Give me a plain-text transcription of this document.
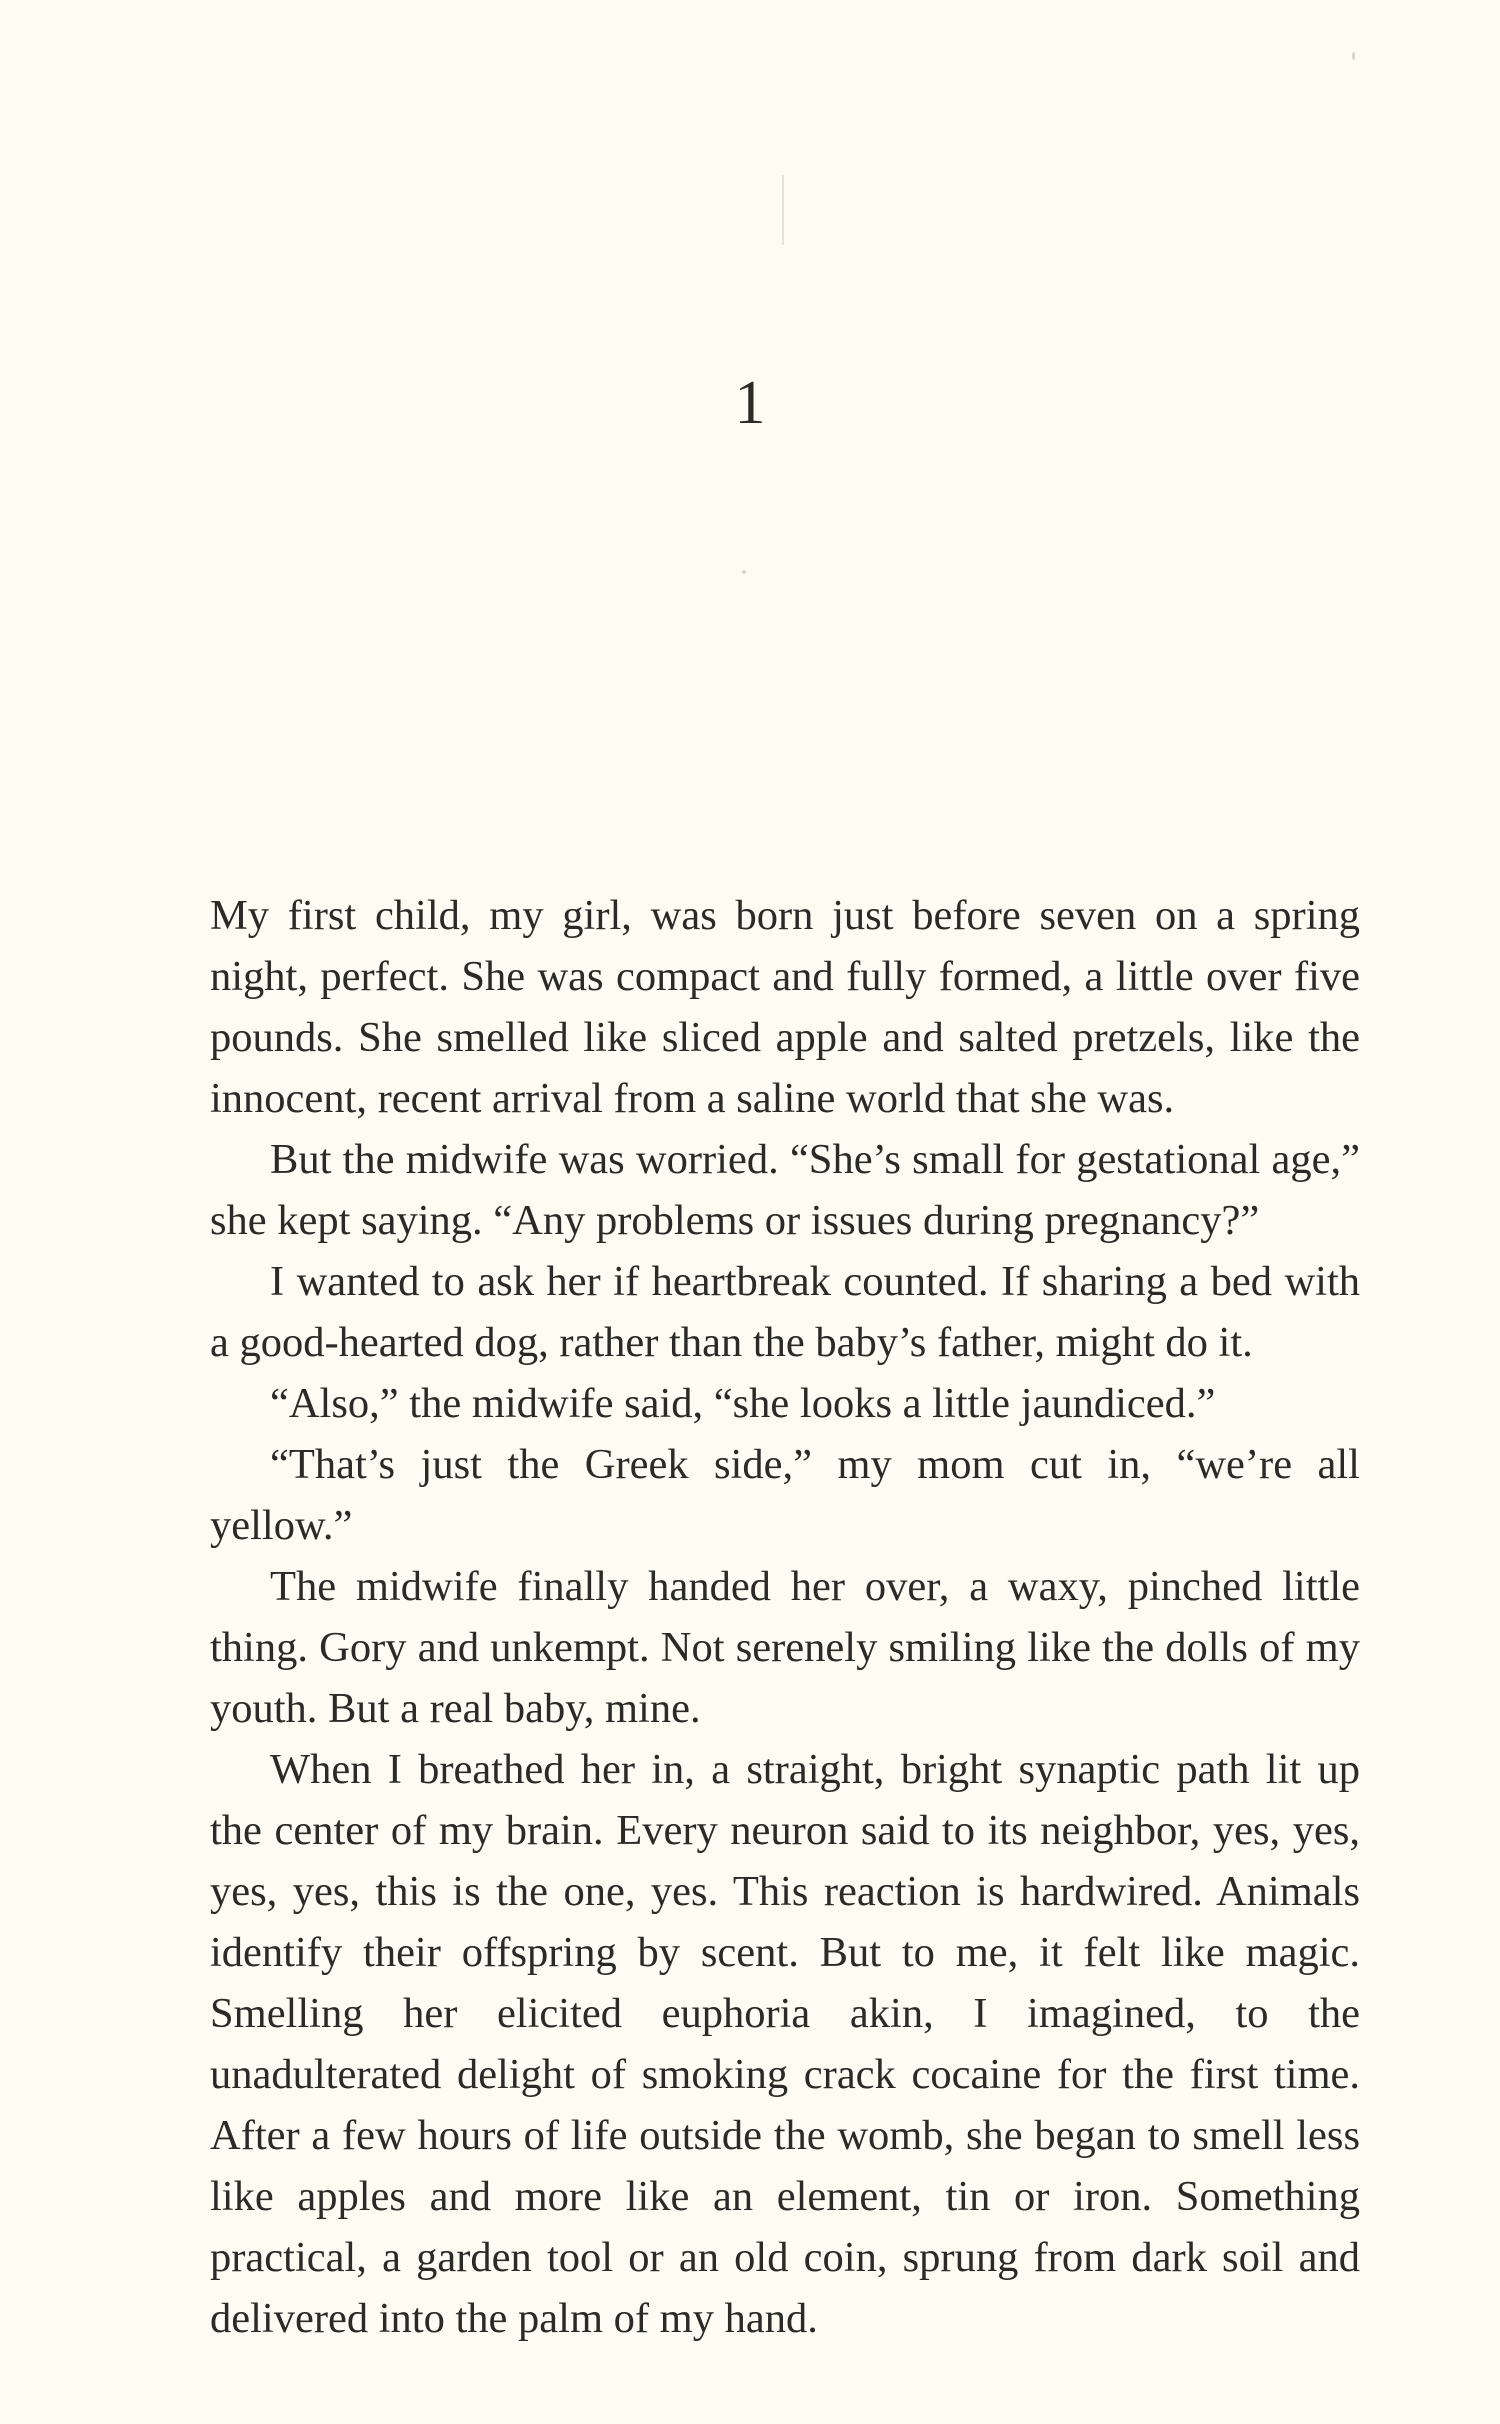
1

My first child, my girl, was born just before seven on a spring night, perfect. She was compact and fully formed, a little over five pounds. She smelled like sliced apple and salted pretzels, like the innocent, recent arrival from a saline world that she was.

But the midwife was worried. “She’s small for gestational age,” she kept saying. “Any problems or issues during pregnancy?”

I wanted to ask her if heartbreak counted. If sharing a bed with a good-hearted dog, rather than the baby’s father, might do it.

“Also,” the midwife said, “she looks a little jaundiced.”

“That’s just the Greek side,” my mom cut in, “we’re all yellow.”

The midwife finally handed her over, a waxy, pinched little thing. Gory and unkempt. Not serenely smiling like the dolls of my youth. But a real baby, mine.

When I breathed her in, a straight, bright synaptic path lit up the center of my brain. Every neuron said to its neighbor, yes, yes, yes, yes, this is the one, yes. This reaction is hardwired. Animals identify their offspring by scent. But to me, it felt like magic. Smelling her elicited euphoria akin, I imagined, to the unadulterated delight of smoking crack cocaine for the first time. After a few hours of life outside the womb, she began to smell less like apples and more like an element, tin or iron. Something practical, a garden tool or an old coin, sprung from dark soil and delivered into the palm of my hand.
